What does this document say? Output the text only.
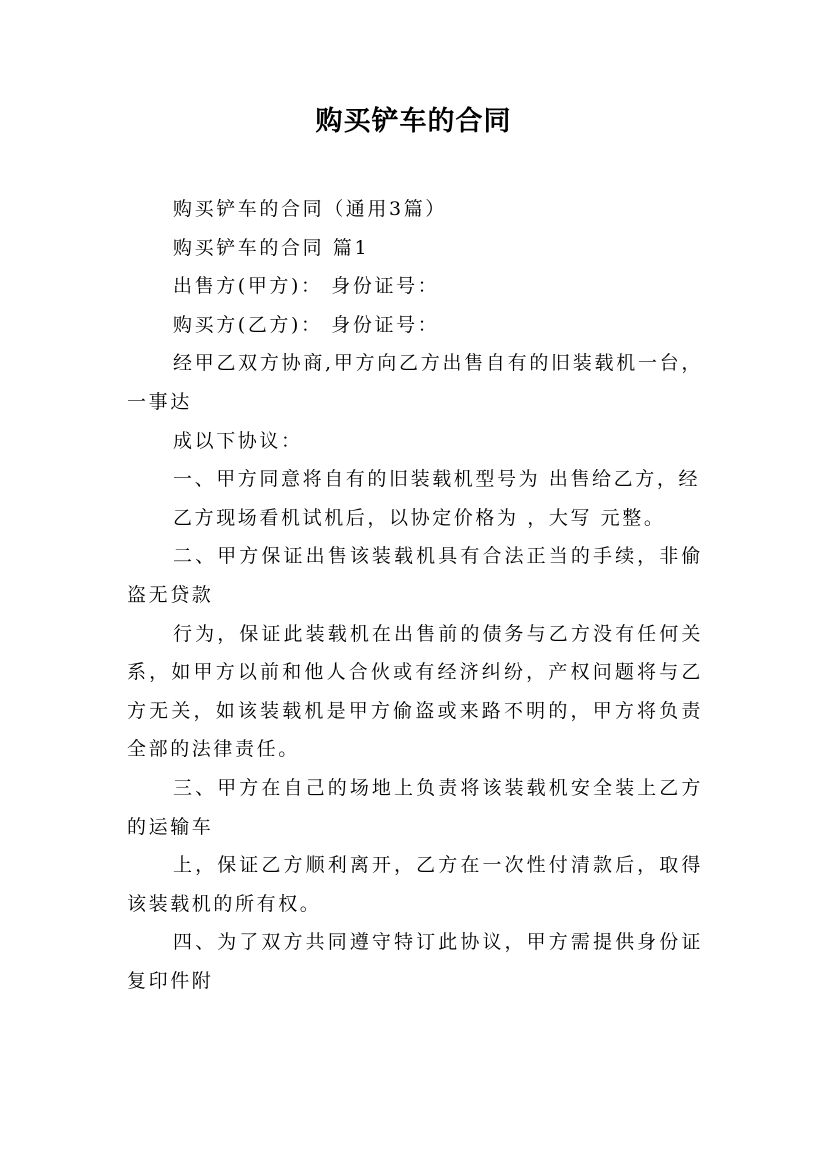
购买铲车的合同

购买铲车的合同（通用3篇）

购买铲车的合同 篇1

出售方(甲方)： 身份证号：

购买方(乙方)： 身份证号：

经甲乙双方协商,甲方向乙方出售自有的旧装载机一台，一事达

成以下协议：

一、甲方同意将自有的旧装载机型号为 出售给乙方，经

乙方现场看机试机后，以协定价格为 ，大写 元整。

二、甲方保证出售该装载机具有合法正当的手续，非偷盗无贷款

行为，保证此装载机在出售前的债务与乙方没有任何关系，如甲方以前和他人合伙或有经济纠纷，产权问题将与乙方无关，如该装载机是甲方偷盗或来路不明的，甲方将负责全部的法律责任。

三、甲方在自己的场地上负责将该装载机安全装上乙方的运输车

上，保证乙方顺利离开，乙方在一次性付清款后，取得该装载机的所有权。

四、为了双方共同遵守特订此协议，甲方需提供身份证复印件附
